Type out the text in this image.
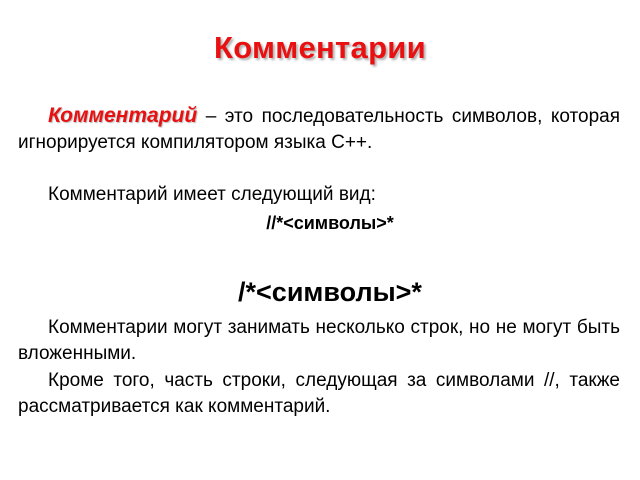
Комментарии
Комментарий – это последовательность символов, которая игнорируется компилятором языка С++.
Комментарий имеет следующий вид:
//*<символы>*
/*<символы>*
Комментарии могут занимать несколько строк, но не могут быть вложенными.
Кроме того, часть строки, следующая за символами //, также рассматривается как комментарий.
